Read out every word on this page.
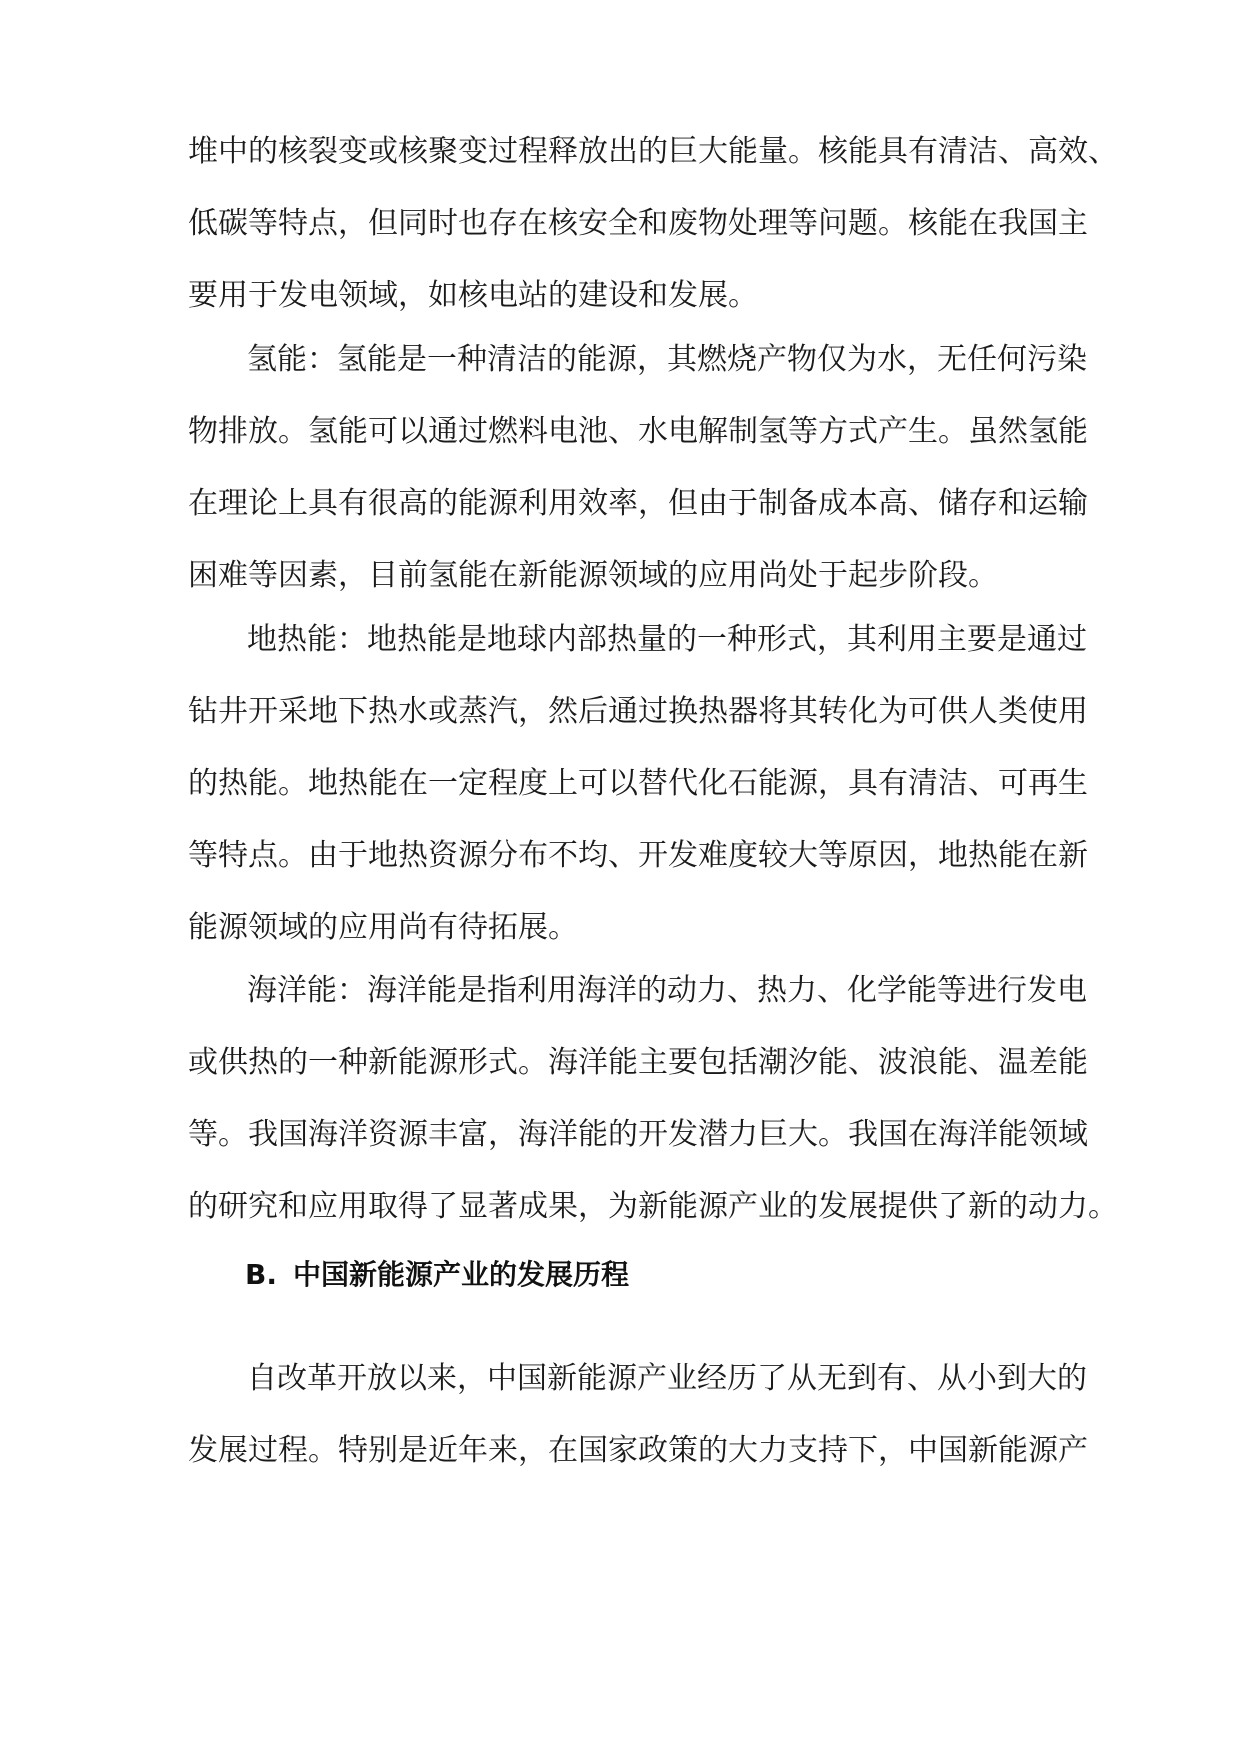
堆中的核裂变或核聚变过程释放出的巨大能量。核能具有清洁、高效、
低碳等特点，但同时也存在核安全和废物处理等问题。核能在我国主
要用于发电领域，如核电站的建设和发展。
氢能：氢能是一种清洁的能源，其燃烧产物仅为水，无任何污染
物排放。氢能可以通过燃料电池、水电解制氢等方式产生。虽然氢能
在理论上具有很高的能源利用效率，但由于制备成本高、储存和运输
困难等因素，目前氢能在新能源领域的应用尚处于起步阶段。
地热能：地热能是地球内部热量的一种形式，其利用主要是通过
钻井开采地下热水或蒸汽，然后通过换热器将其转化为可供人类使用
的热能。地热能在一定程度上可以替代化石能源，具有清洁、可再生
等特点。由于地热资源分布不均、开发难度较大等原因，地热能在新
能源领域的应用尚有待拓展。
海洋能：海洋能是指利用海洋的动力、热力、化学能等进行发电
或供热的一种新能源形式。海洋能主要包括潮汐能、波浪能、温差能
等。我国海洋资源丰富，海洋能的开发潜力巨大。我国在海洋能领域
的研究和应用取得了显著成果，为新能源产业的发展提供了新的动力。
B. 中国新能源产业的发展历程
自改革开放以来，中国新能源产业经历了从无到有、从小到大的
发展过程。特别是近年来，在国家政策的大力支持下，中国新能源产
